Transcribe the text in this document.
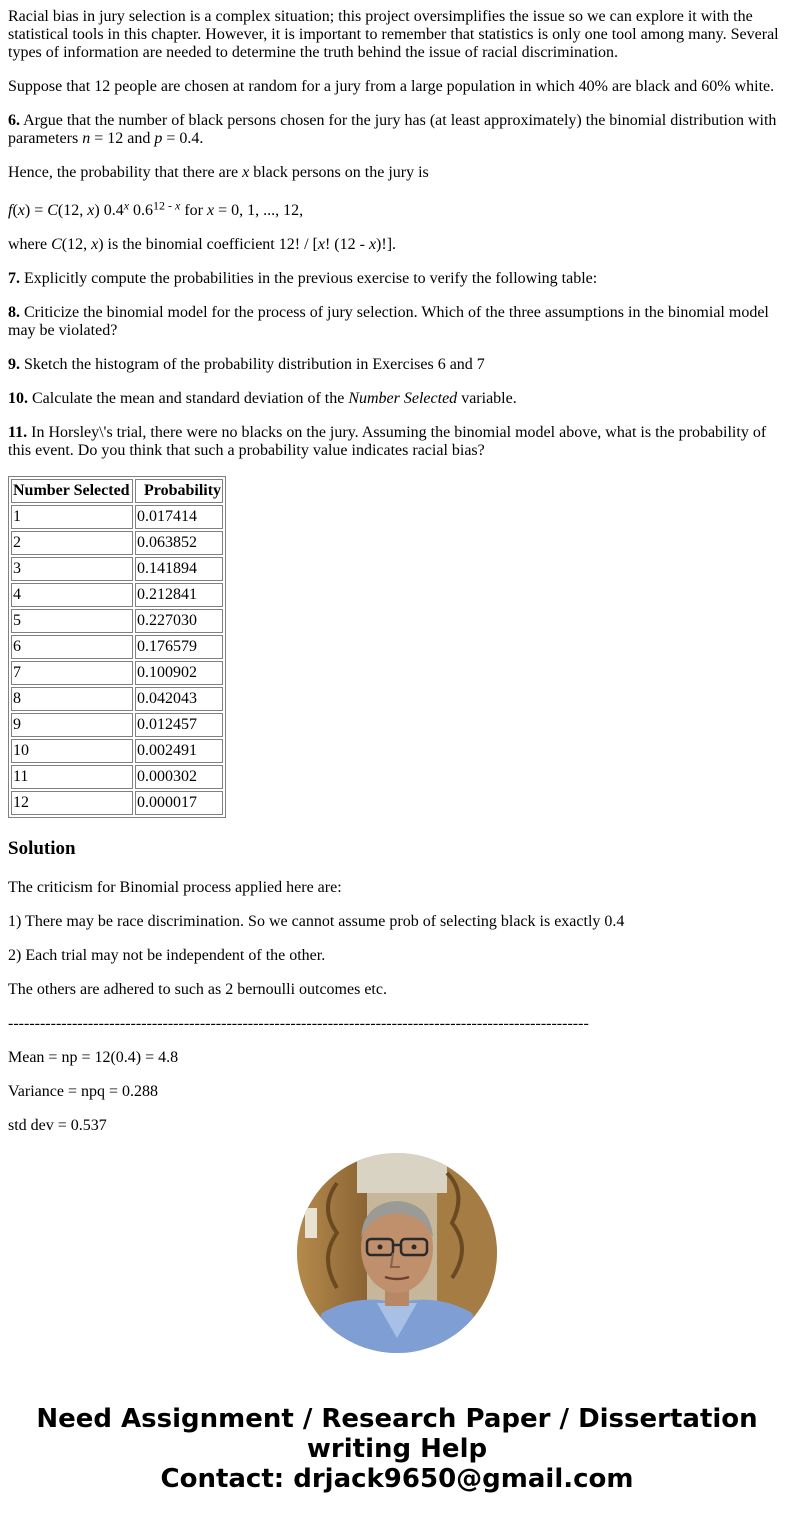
Racial bias in jury selection is a complex situation; this project oversimplifies the issue so we can explore it with the statistical tools in this chapter. However, it is important to remember that statistics is only one tool among many. Several types of information are needed to determine the truth behind the issue of racial discrimination.

Suppose that 12 people are chosen at random for a jury from a large population in which 40% are black and 60% white.

6. Argue that the number of black persons chosen for the jury has (at least approximately) the binomial distribution with parameters n = 12 and p = 0.4.

Hence, the probability that there are x black persons on the jury is

f(x) = C(12, x) 0.4$^x$ 0.6$^{12 - x}$ for x = 0, 1, ..., 12,

where C(12, x) is the binomial coefficient 12! / [x! (12 - x)!].

7. Explicitly compute the probabilities in the previous exercise to verify the following table:

8. Criticize the binomial model for the process of jury selection. Which of the three assumptions in the binomial model may be violated?

9. Sketch the histogram of the probability distribution in Exercises 6 and 7

10. Calculate the mean and standard deviation of the Number Selected variable.

11. In Horsley\'s trial, there were no blacks on the jury. Assuming the binomial model above, what is the probability of this event. Do you think that such a probability value indicates racial bias?

Number Selected	Probability
1	0.017414
2	0.063852
3	0.141894
4	0.212841
5	0.227030
6	0.176579
7	0.100902
8	0.042043
9	0.012457
10	0.002491
11	0.000302
12	0.000017
Solution

The criticism for Binomial process applied here are:

1) There may be race discrimination. So we cannot assume prob of selecting black is exactly 0.4

2) Each trial may not be independent of the other.

The others are adhered to such as 2 bernoulli outcomes etc.

-------------------------------------------------------------------------------------------------------------

Mean = np = 12(0.4) = 4.8

Variance = npq = 0.288

std dev = 0.537

Need Assignment / Research Paper / Dissertation
writing Help
Contact: drjack9650@gmail.com
